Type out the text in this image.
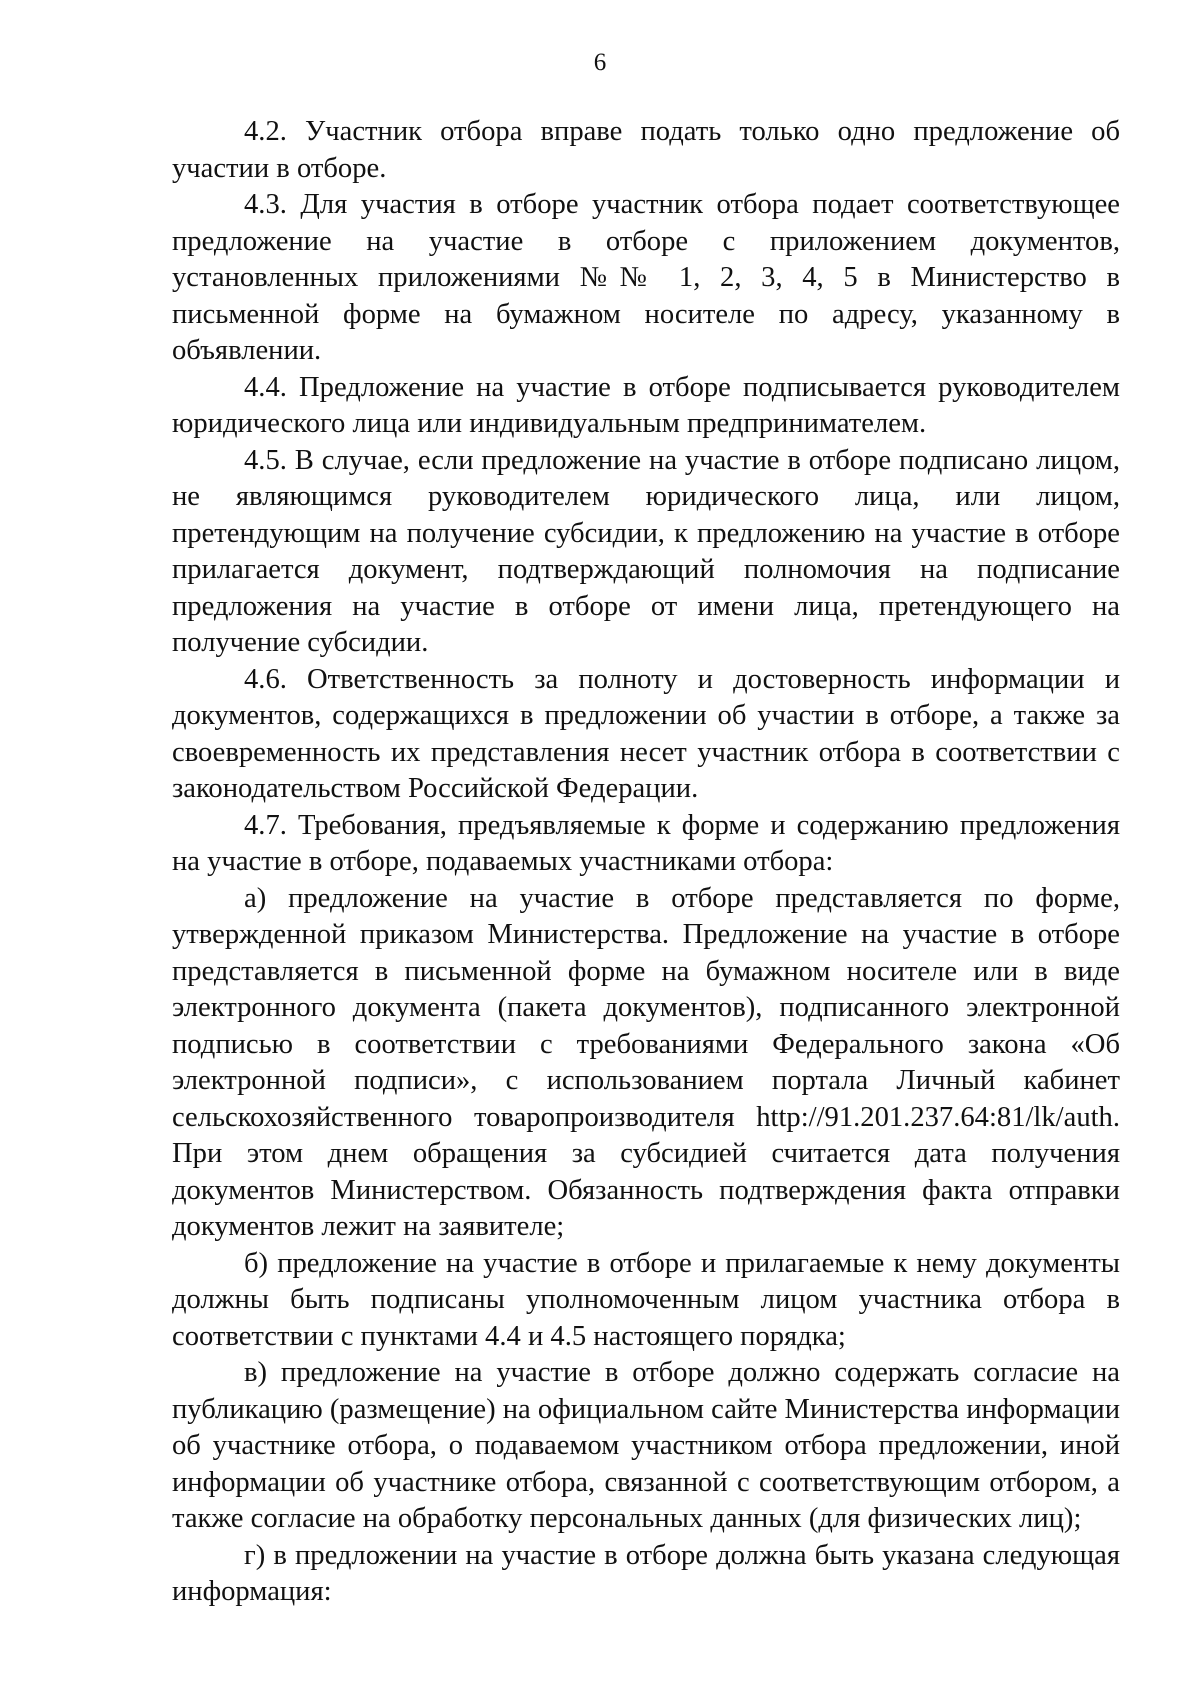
6

4.2. Участник отбора вправе подать только одно предложение об участии в отборе.

4.3. Для участия в отборе участник отбора подает соответствующее предложение на участие в отборе с приложением документов, установленных приложениями №№ 1, 2, 3, 4, 5 в Министерство в письменной форме на бумажном носителе по адресу, указанному в объявлении.

4.4. Предложение на участие в отборе подписывается руководителем юридического лица или индивидуальным предпринимателем.

4.5. В случае, если предложение на участие в отборе подписано лицом, не являющимся руководителем юридического лица, или лицом, претендующим на получение субсидии, к предложению на участие в отборе прилагается документ, подтверждающий полномочия на подписание предложения на участие в отборе от имени лица, претендующего на получение субсидии.

4.6. Ответственность за полноту и достоверность информации и документов, содержащихся в предложении об участии в отборе, а также за своевременность их представления несет участник отбора в соответствии с законодательством Российской Федерации.

4.7. Требования, предъявляемые к форме и содержанию предложения на участие в отборе, подаваемых участниками отбора:

а) предложение на участие в отборе представляется по форме, утвержденной приказом Министерства. Предложение на участие в отборе представляется в письменной форме на бумажном носителе или в виде электронного документа (пакета документов), подписанного электронной подписью в соответствии с требованиями Федерального закона «Об электронной подписи», с использованием портала Личный кабинет сельскохозяйственного товаропроизводителя http://91.201.237.64:81/lk/auth. При этом днем обращения за субсидией считается дата получения документов Министерством. Обязанность подтверждения факта отправки документов лежит на заявителе;

б) предложение на участие в отборе и прилагаемые к нему документы должны быть подписаны уполномоченным лицом участника отбора в соответствии с пунктами 4.4 и 4.5 настоящего порядка;

в) предложение на участие в отборе должно содержать согласие на публикацию (размещение) на официальном сайте Министерства информации об участнике отбора, о подаваемом участником отбора предложении, иной информации об участнике отбора, связанной с соответствующим отбором, а также согласие на обработку персональных данных (для физических лиц);

г) в предложении на участие в отборе должна быть указана следующая информация:
